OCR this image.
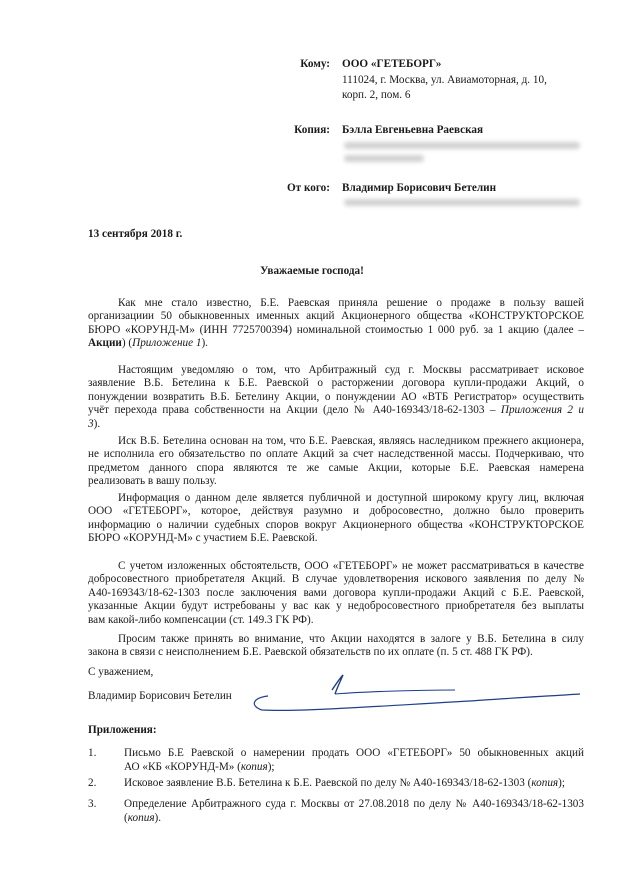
Кому: ООО «ГЕТЕБОРГ»
111024, г. Москва, ул. Авиамоторная, д. 10,
корп. 2, пом. 6
Копия: Бэлла Евгеньевна Раевская
От кого: Владимир Борисович Бетелин
13 сентября 2018 г.
Уважаемые господа!
Как мне стало известно, Б.Е. Раевская приняла решение о продаже в пользу вашей
организациии 50 обыкновенных именных акций Акционерного общества «КОНСТРУКТОРСКОЕ
БЮРО «КОРУНД-М» (ИНН 7725700394) номинальной стоимостью 1 000 руб. за 1 акцию (далее –
Акции) (Приложение 1).
Настоящим уведомляю о том, что Арбитражный суд г. Москвы рассматривает исковое
заявление В.Б. Бетелина к Б.Е. Раевской о расторжении договора купли-продажи Акций, о
понуждении возвратить В.Б. Бетелину Акции, о понуждении АО «ВТБ Регистратор» осуществить
учёт перехода права собственности на Акции (дело № А40-169343/18-62-1303 – Приложения 2 и
3).
Иск В.Б. Бетелина основан на том, что Б.Е. Раевская, являясь наследником прежнего акционера,
не исполнила его обязательство по оплате Акций за счет наследственной массы. Подчеркиваю, что
предметом данного спора являются те же самые Акции, которые Б.Е. Раевская намерена
реализовать в вашу пользу.
Информация о данном деле является публичной и доступной широкому кругу лиц, включая
ООО «ГЕТЕБОРГ», которое, действуя разумно и добросовестно, должно было проверить
информацию о наличии судебных споров вокруг Акционерного общества «КОНСТРУКТОРСКОЕ
БЮРО «КОРУНД-М» с участием Б.Е. Раевской.
С учетом изложенных обстоятельств, ООО «ГЕТЕБОРГ» не может рассматриваться в качестве
добросовестного приобретателя Акций. В случае удовлетворения искового заявления по делу №
А40-169343/18-62-1303 после заключения вами договора купли-продажи Акций с Б.Е. Раевской,
указанные Акции будут истребованы у вас как у недобросовестного приобретателя без выплаты
вам какой-либо компенсации (ст. 149.3 ГК РФ).
Просим также принять во внимание, что Акции находятся в залоге у В.Б. Бетелина в силу
закона в связи с неисполнением Б.Е. Раевской обязательств по их оплате (п. 5 ст. 488 ГК РФ).
С уважением,
Владимир Борисович Бетелин
Приложения:
1. Письмо Б.Е Раевской о намерении продать ООО «ГЕТЕБОРГ» 50 обыкновенных акций
АО «КБ «КОРУНД-М» (копия);
2. Исковое заявление В.Б. Бетелина к Б.Е. Раевской по делу № А40-169343/18-62-1303 (копия);
3. Определение Арбитражного суда г. Москвы от 27.08.2018 по делу № А40-169343/18-62-1303
(копия).
